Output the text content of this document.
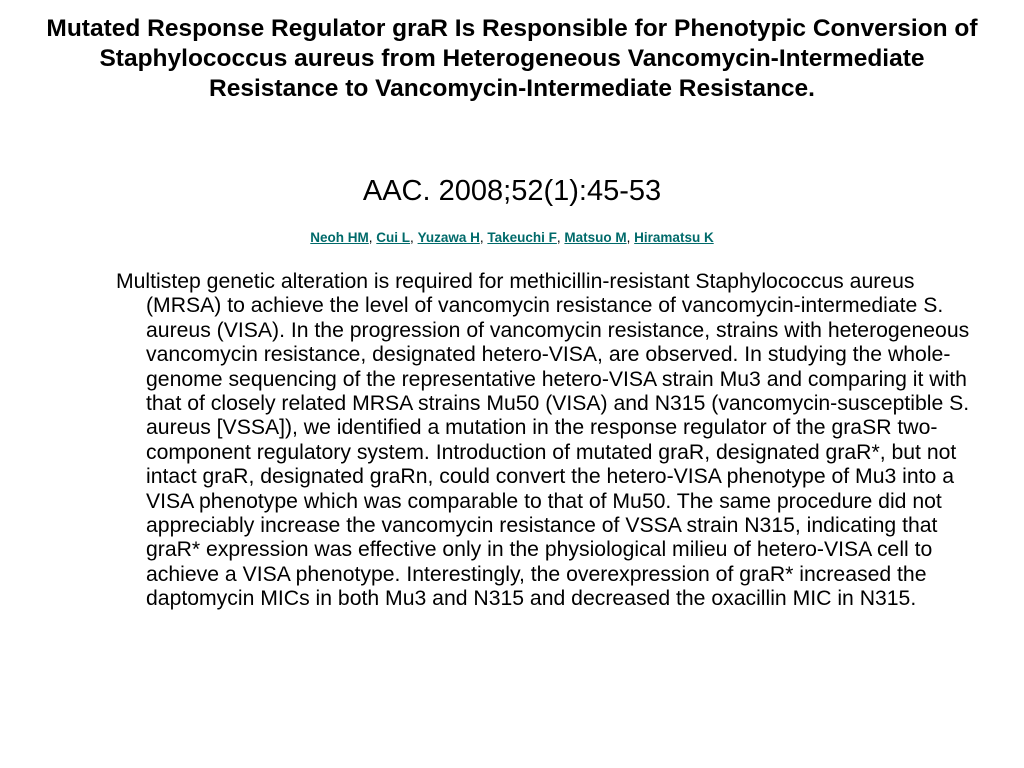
Mutated Response Regulator graR Is Responsible for Phenotypic Conversion of Staphylococcus aureus from Heterogeneous Vancomycin-Intermediate Resistance to Vancomycin-Intermediate Resistance.

AAC. 2008;52(1):45-53

Neoh HM, Cui L, Yuzawa H, Takeuchi F, Matsuo M, Hiramatsu K

Multistep genetic alteration is required for methicillin-resistant Staphylococcus aureus (MRSA) to achieve the level of vancomycin resistance of vancomycin-intermediate S. aureus (VISA). In the progression of vancomycin resistance, strains with heterogeneous vancomycin resistance, designated hetero-VISA, are observed. In studying the whole-genome sequencing of the representative hetero-VISA strain Mu3 and comparing it with that of closely related MRSA strains Mu50 (VISA) and N315 (vancomycin-susceptible S. aureus [VSSA]), we identified a mutation in the response regulator of the graSR two-component regulatory system. Introduction of mutated graR, designated graR*, but not intact graR, designated graRn, could convert the hetero-VISA phenotype of Mu3 into a VISA phenotype which was comparable to that of Mu50. The same procedure did not appreciably increase the vancomycin resistance of VSSA strain N315, indicating that graR* expression was effective only in the physiological milieu of hetero-VISA cell to achieve a VISA phenotype. Interestingly, the overexpression of graR* increased the daptomycin MICs in both Mu3 and N315 and decreased the oxacillin MIC in N315.
